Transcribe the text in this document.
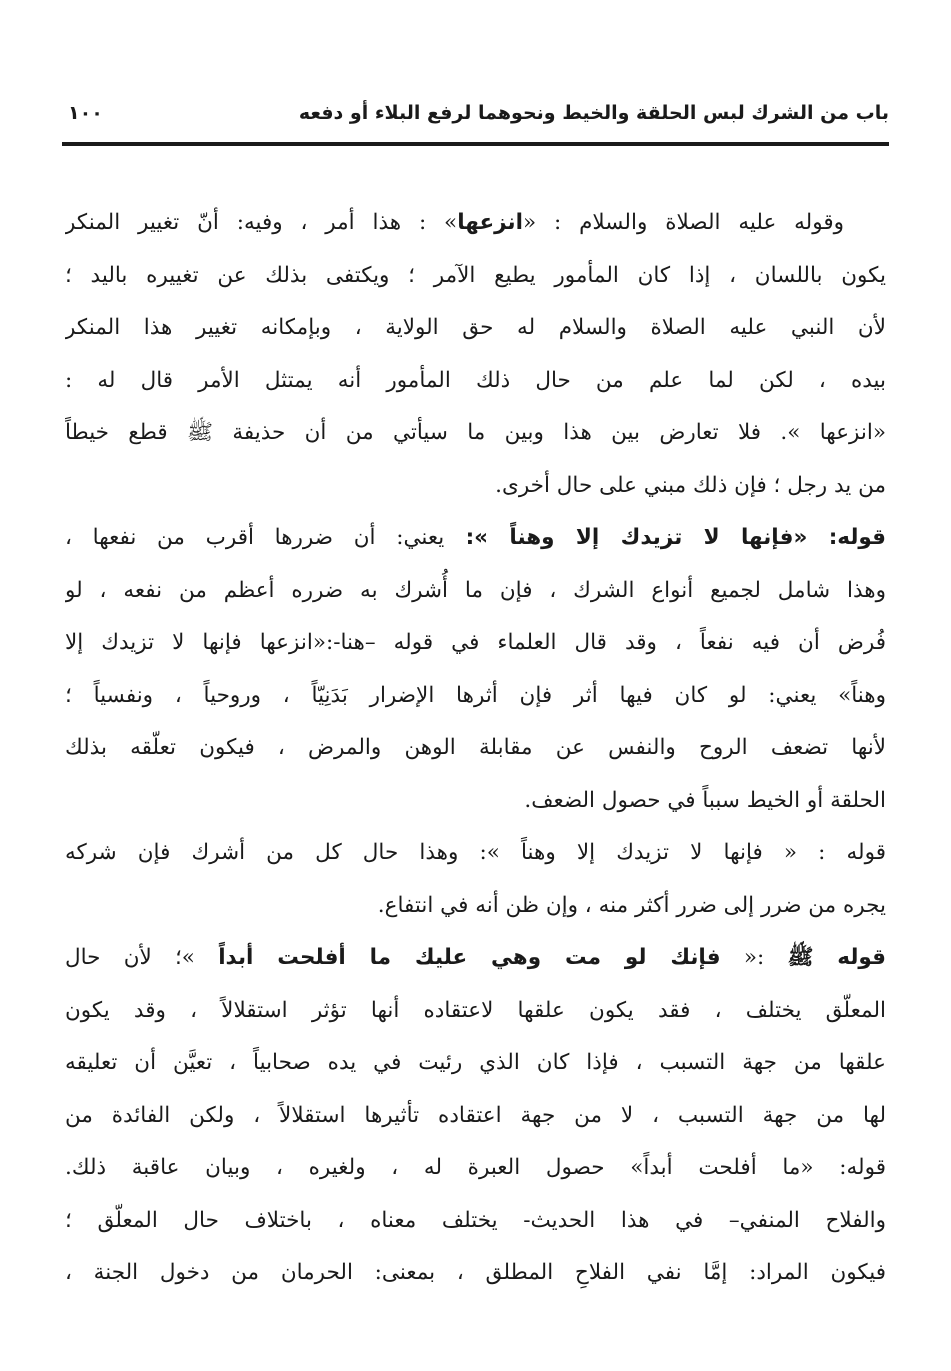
باب من الشرك لبس الحلقة والخيط ونحوهما لرفع البلاء أو دفعه
١٠٠
وقوله عليه الصلاة والسلام : «انزعها» : هذا أمر ، وفيه: أنّ تغيير المنكر
يكون باللسان ، إذا كان المأمور يطيع الآمر ؛ ويكتفى بذلك عن تغييره باليد ؛
لأن النبي عليه الصلاة والسلام له حق الولاية ، وبإمكانه تغيير هذا المنكر
بيده ، لكن لما علم من حال ذلك المأمور أنه يمتثل الأمر قال له :
«انزعها ». فلا تعارض بين هذا وبين ما سيأتي من أن حذيفة ﷺ قطع خيطاً
من يد رجل ؛ فإن ذلك مبني على حال أخرى.
قوله: «فإنها لا تزيدك إلا وهناً »: يعني: أن ضررها أقرب من نفعها ،
وهذا شامل لجميع أنواع الشرك ، فإن ما أُشرك به ضرره أعظم من نفعه ، لو
فُرض أن فيه نفعاً ، وقد قال العلماء في قوله –هنا-:«انزعها فإنها لا تزيدك إلا
وهناً» يعني: لو كان فيها أثر فإن أثرها الإضرار بَدَنِيّاً ، وروحياً ، ونفسياً ؛
لأنها تضعف الروح والنفس عن مقابلة الوهن والمرض ، فيكون تعلّقه بذلك
الحلقة أو الخيط سبباً في حصول الضعف.
قوله : « فإنها لا تزيدك إلا وهناً »: وهذا حال كل من أشرك فإن شركه
يجره من ضرر إلى ضرر أكثر منه ، وإن ظن أنه في انتفاع.
قوله ﷺ :« فإنك لو مت وهي عليك ما أفلحت أبداً »؛ لأن حال
المعلّق يختلف ، فقد يكون علقها لاعتقاده أنها تؤثر استقلالاً ، وقد يكون
علقها من جهة التسبب ، فإذا كان الذي رئيت في يده صحابياً ، تعيَّن أن تعليقه
لها من جهة التسبب ، لا من جهة اعتقاده تأثيرها استقلالاً ، ولكن الفائدة من
قوله: «ما أفلحت أبداً» حصول العبرة له ، ولغيره ، وبيان عاقبة ذلك.
والفلاح المنفي– في هذا الحديث- يختلف معناه ، باختلاف حال المعلّق ؛
فيكون المراد: إمَّا نفي الفلاحِ المطلق ، بمعنى: الحرمان من دخول الجنة ،
